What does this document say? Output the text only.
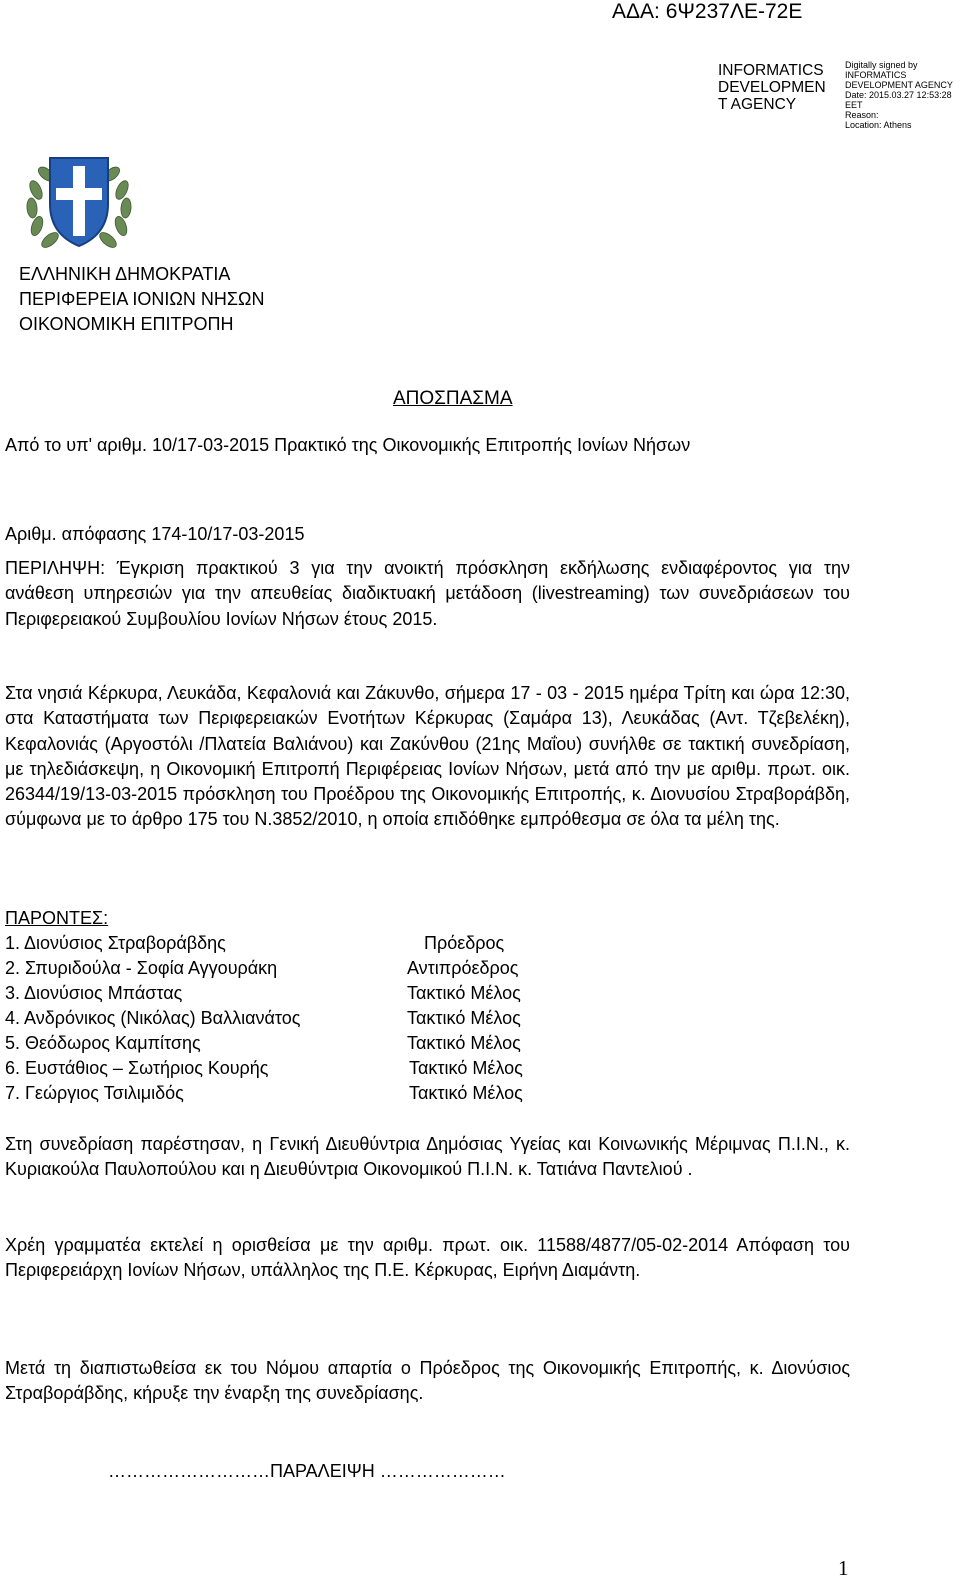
ΑΔΑ: 6Ψ237ΛΕ-72Ε
INFORMATICS DEVELOPMEN T AGENCY
Digitally signed by
INFORMATICS
DEVELOPMENT AGENCY
Date: 2015.03.27 12:53:28
EET
Reason:
Location: Athens
ΕΛΛΗΝΙΚΗ ΔΗΜΟΚΡΑΤΙΑ
ΠΕΡΙΦΕΡΕΙΑ ΙΟΝΙΩΝ ΝΗΣΩΝ
ΟΙΚΟΝΟΜΙΚΗ ΕΠΙΤΡΟΠΗ
ΑΠΟΣΠΑΣΜΑ
Από το υπ' αριθμ. 10/17-03-2015 Πρακτικό της Οικονομικής Επιτροπής Ιονίων Νήσων
Αριθμ. απόφασης 174-10/17-03-2015
ΠΕΡΙΛΗΨΗ: Έγκριση πρακτικού 3 για την ανοικτή πρόσκληση εκδήλωσης ενδιαφέροντος για την ανάθεση υπηρεσιών για την απευθείας διαδικτυακή μετάδοση (livestreaming) των συνεδριάσεων του Περιφερειακού Συμβουλίου Ιονίων Νήσων έτους 2015.
Στα νησιά Κέρκυρα, Λευκάδα, Κεφαλονιά και Ζάκυνθο, σήμερα 17 - 03 - 2015 ημέρα Τρίτη και ώρα 12:30, στα Καταστήματα των Περιφερειακών Ενοτήτων Κέρκυρας (Σαμάρα 13), Λευκάδας (Αντ. Τζεβελέκη), Κεφαλονιάς (Αργοστόλι /Πλατεία Βαλιάνου) και Ζακύνθου (21ης Μαΐου) συνήλθε σε τακτική συνεδρίαση, με τηλεδιάσκεψη, η Οικονομική Επιτροπή Περιφέρειας Ιονίων Νήσων, μετά από την με αριθμ. πρωτ. οικ. 26344/19/13-03-2015 πρόσκληση του Προέδρου της Οικονομικής Επιτροπής, κ. Διονυσίου Στραβοράβδη, σύμφωνα με το άρθρο 175 του Ν.3852/2010, η οποία επιδόθηκε εμπρόθεσμα σε όλα τα μέλη της.
ΠΑΡΟΝΤΕΣ:
1. Διονύσιος Στραβοράβδης	Πρόεδρος
2. Σπυριδούλα - Σοφία Αγγουράκη	Αντιπρόεδρος
3. Διονύσιος Μπάστας	Τακτικό Μέλος
4. Ανδρόνικος (Νικόλας) Βαλλιανάτος	Τακτικό Μέλος
5. Θεόδωρος Καμπίτσης	Τακτικό Μέλος
6. Ευστάθιος – Σωτήριος Κουρής	Τακτικό Μέλος
7. Γεώργιος Τσιλιμιδός	Τακτικό Μέλος
Στη συνεδρίαση παρέστησαν, η Γενική Διευθύντρια Δημόσιας Υγείας και Κοινωνικής Μέριμνας Π.Ι.Ν., κ. Κυριακούλα Παυλοπούλου και η Διευθύντρια Οικονομικού Π.Ι.Ν. κ. Τατιάνα Παντελιού .
Χρέη γραμματέα εκτελεί η ορισθείσα με την αριθμ. πρωτ. οικ. 11588/4877/05-02-2014 Απόφαση του Περιφερειάρχη Ιονίων Νήσων, υπάλληλος της Π.Ε. Κέρκυρας, Ειρήνη Διαμάντη.
Μετά τη διαπιστωθείσα εκ του Νόμου απαρτία ο Πρόεδρος της Οικονομικής Επιτροπής, κ. Διονύσιος Στραβοράβδης, κήρυξε την έναρξη της συνεδρίασης.
………………………ΠΑΡΑΛΕΙΨΗ …………………
1
